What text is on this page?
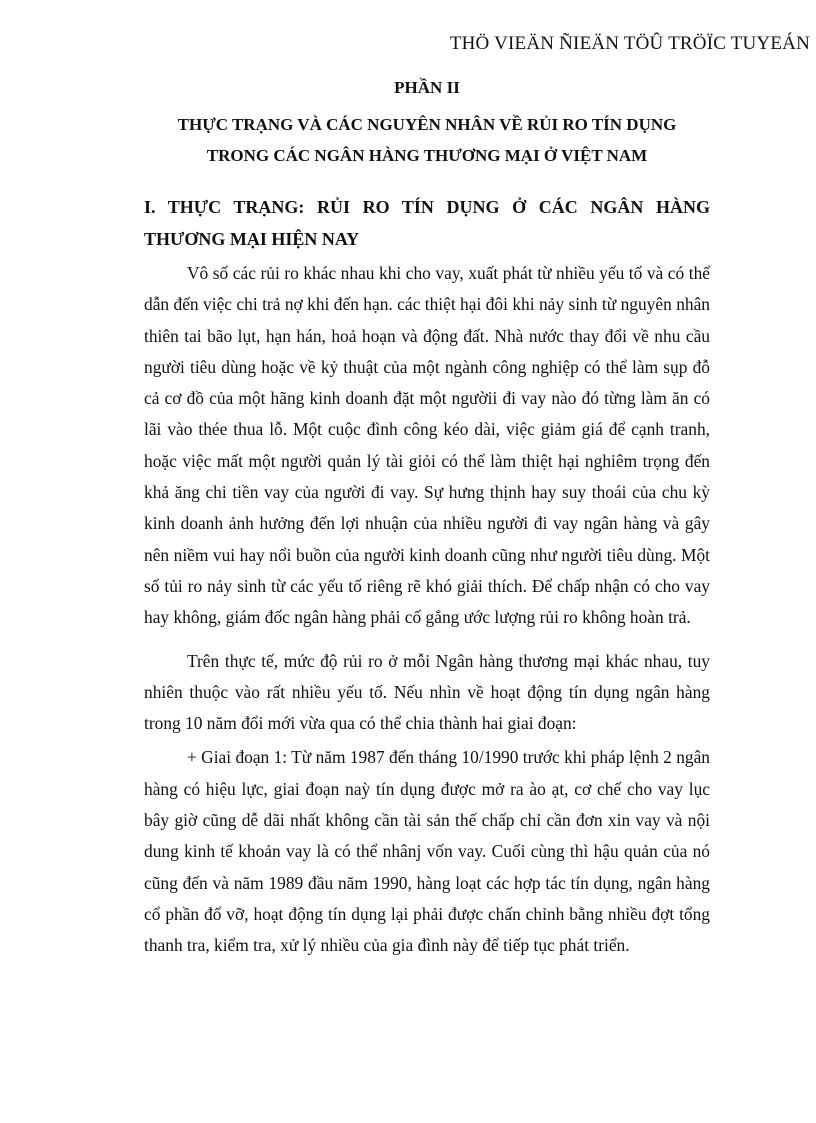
THÖ VIEÄN ÑIEÄN TÖÛ TRÖÏC TUYEÁN

PHẦN II

THỰC TRẠNG VÀ CÁC NGUYÊN NHÂN VỀ RỦI RO TÍN DỤNG
TRONG CÁC NGÂN HÀNG THƯƠNG MẠI Ở VIỆT NAM

I. THỰC TRẠNG: RỦI RO TÍN DỤNG Ở CÁC NGÂN HÀNG THƯƠNG MẠI HIỆN NAY

Vô số các rủi ro khác nhau khi cho vay, xuất phát từ nhiều yếu tố và có thể dẫn đến việc chi trả nợ khi đến hạn. các thiệt hại đôi khi nảy sinh từ nguyên nhân thiên tai bão lụt, hạn hán, hoả hoạn và động đất. Nhà nước thay đổi về nhu cầu người tiêu dùng hoặc về kỷ thuật của một ngành công nghiệp có thể làm sụp đỗ cả cơ đồ của một hãng kinh doanh đặt một ngườii đi vay nào đó từng làm ăn có lãi vào thée thua lỗ. Một cuộc đình công kéo dài, việc giảm giá để cạnh tranh, hoặc việc mất một người quản lý tài giỏi có thể làm thiệt hại nghiêm trọng đến khả ăng chi tiền vay của người đi vay. Sự hưng thịnh hay suy thoái của chu kỳ kinh doanh ảnh hưởng đến lợi nhuận của nhiều người đi vay ngân hàng và gây nên niềm vui hay nổi buồn của người kinh doanh cũng như người tiêu dùng. Một số tủi ro nảy sinh từ các yếu tố riêng rẽ khó giải thích. Để chấp nhận có cho vay hay không, giám đốc ngân hàng phải cố gắng ước lượng rủi ro không hoàn trả.

Trên thực tế, mức độ rủi ro ở mỗi Ngân hàng thương mại khác nhau, tuy nhiên thuộc vào rất nhiều yếu tố. Nếu nhìn về hoạt động tín dụng ngân hàng trong 10 năm đổi mới vừa qua có thể chia thành hai giai đoạn:

+ Giai đoạn 1: Từ năm 1987 đến tháng 10/1990 trước khi pháp lệnh 2 ngân hàng có hiệu lực, giai đoạn naỳ tín dụng được mở ra ào ạt, cơ chế cho vay lục bây giờ cũng dễ dãi nhất không cần tài sản thế chấp chỉ cần đơn xin vay và nội dung kinh tế khoản vay là có thể nhânj vốn vay. Cuối cùng thì hậu quản của nó cũng đến và năm 1989 đầu năm 1990, hàng loạt các hợp tác tín dụng, ngân hàng cổ phần đổ vỡ, hoạt động tín dụng lại phải được chấn chỉnh bằng nhiều đợt tổng thanh tra, kiểm tra, xử lý nhiều của gia đình này để tiếp tục phát triển.
